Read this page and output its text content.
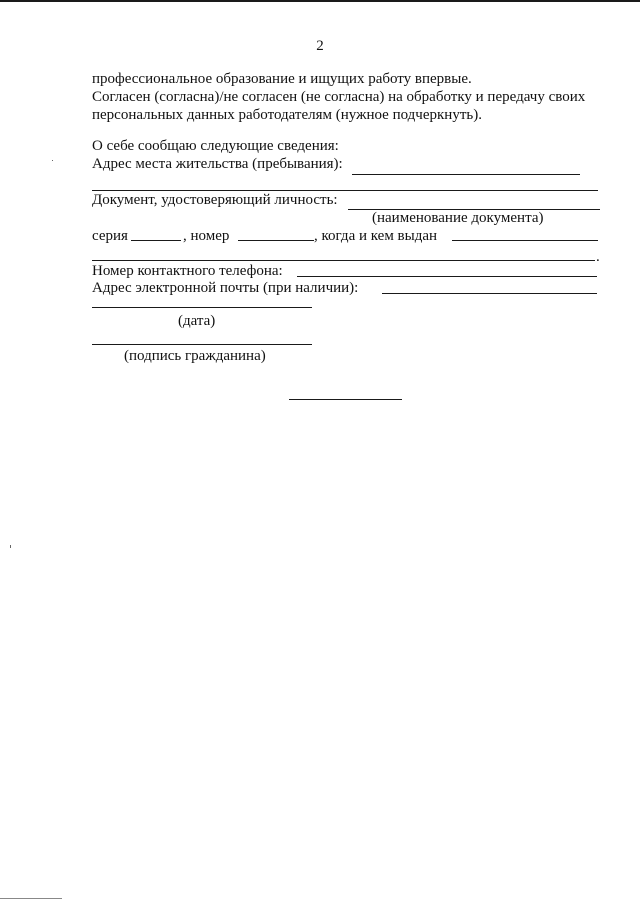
2
профессиональное образование и ищущих работу впервые.
Согласен (согласна)/не согласен (не согласна) на обработку и передачу своих
персональных данных работодателям (нужное подчеркнуть).
О себе сообщаю следующие сведения:
Адрес места жительства (пребывания):
Документ, удостоверяющий личность:
(наименование документа)
серия	, номер	, когда и кем выдан
.
Номер контактного телефона:
Адрес электронной почты (при наличии):
(дата)
(подпись гражданина)
